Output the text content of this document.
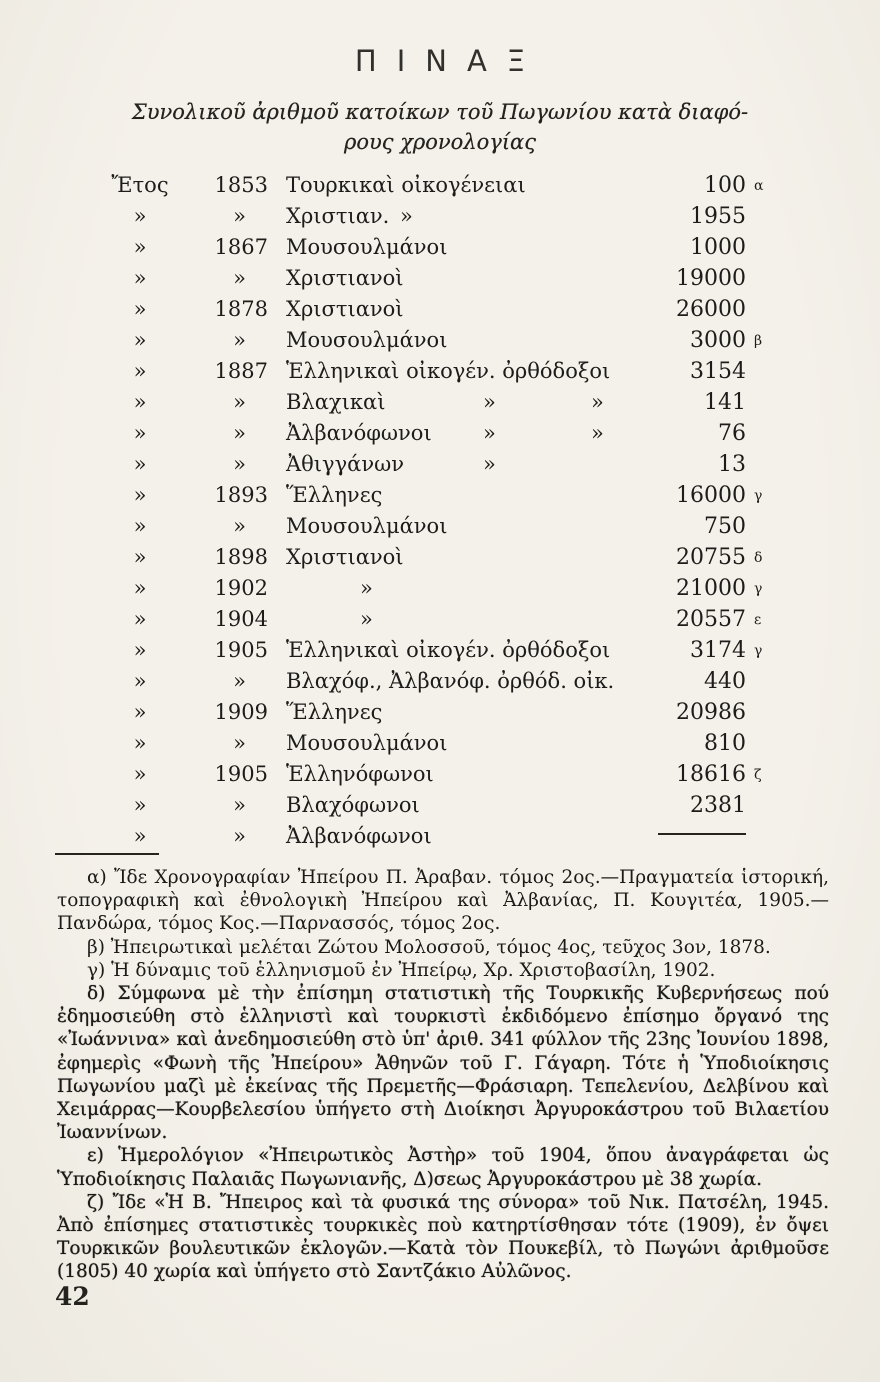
ΠΙΝΑΞ
Συνολικοῦ ἀριθμοῦ κατοίκων τοῦ Πωγωνίου κατὰ διαφό-
ρους χρονολογίας
Ἔτος	1853 Τουρκικαὶ οἰκογένειαι	100 α
»	»	Χριστιαν. »	1955
»	1867 Μουσουλμάνοι	1000
»	»	Χριστιανοὶ	19000
»	1878 Χριστιανοὶ	26000
»	»	Μουσουλμάνοι	3000 β
»	1887 Ἑλληνικαὶ οἰκογέν. ὀρθόδοξοι	3154
»	»	Βλαχικαὶ	»	»	141
»	»	Ἀλβανόφωνοι »	»	76
»	»	Ἀθιγγάνων	»	13
»	1893 Ἕλληνες	16000 γ
»	»	Μουσουλμάνοι	750
»	1898 Χριστιανοὶ	20755 δ
»	1902	»	21000 γ
»	1904	»	20557 ε
»	1905 Ἑλληνικαὶ οἰκογέν. ὀρθόδοξοι	3174 γ
»	»	Βλαχόφ., Ἀλβανόφ. ὀρθόδ. οἰκ.	440
»	1909 Ἕλληνες	20986
»	»	Μουσουλμάνοι	810
»	1905 Ἑλληνόφωνοι	18616 ζ
»	»	Βλαχόφωνοι	2381
»	»	Ἀλβανόφωνοι

α) Ἴδε Χρονογραφίαν Ἠπείρου Π. Ἀραβαν. τόμος 2ος.—Πραγματεία ἱστορική, τοπογραφικὴ καὶ ἐθνολογικὴ Ἠπείρου καὶ Ἀλβανίας, Π. Κουγιτέα, 1905.— Πανδώρα, τόμος Κος.—Παρνασσός, τόμος 2ος.

β) Ἠπειρωτικαὶ μελέται Ζώτου Μολοσσοῦ, τόμος 4ος, τεῦχος 3ον, 1878.

γ) Ἡ δύναμις τοῦ ἑλληνισμοῦ ἐν Ἠπείρῳ, Χρ. Χριστοβασίλη, 1902.

δ) Σύμφωνα μὲ τὴν ἐπίσημη στατιστικὴ τῆς Τουρκικῆς Κυβερνήσεως πού ἐδημοσιεύθη στὸ ἑλληνιστὶ καὶ τουρκιστὶ ἐκδιδόμενο ἐπίσημο ὄργανό της «Ἰωάννινα» καὶ ἀνεδημοσιεύθη στὸ ὑπ' ἀριθ. 341 φύλλον τῆς 23ης Ἰουνίου 1898, ἐφημερὶς «Φωνὴ τῆς Ἠπείρου» Ἀθηνῶν τοῦ Γ. Γάγαρη. Τότε ἡ Ὑποδιοίκησις Πωγωνίου μαζὶ μὲ ἐκείνας τῆς Πρεμετῆς—Φράσιαρη. Τεπελενίου, Δελβίνου καὶ Χειμάρρας—Κουρβελεσίου ὑπήγετο στὴ Διοίκησι Ἀργυροκάστρου τοῦ Βιλαετίου Ἰωαννίνων.

ε) Ἡμερολόγιον «Ἠπειρωτικὸς Ἀστὴρ» τοῦ 1904, ὅπου ἀναγράφεται ὡς Ὑποδιοίκησις Παλαιᾶς Πωγωνιανῆς, Δ)σεως Ἀργυροκάστρου μὲ 38 χωρία.

ζ) Ἴδε «Ἡ Β. Ἤπειρος καὶ τὰ φυσικά της σύνορα» τοῦ Νικ. Πατσέλη, 1945. Ἀπὸ ἐπίσημες στατιστικὲς τουρκικὲς ποὺ κατηρτίσθησαν τότε (1909), ἐν ὄψει Τουρκικῶν βουλευτικῶν ἐκλογῶν.—Κατὰ τὸν Πουκεβίλ, τὸ Πωγώνι ἀριθμοῦσε (1805) 40 χωρία καὶ ὑπήγετο στὸ Σαντζάκιο Αὐλῶνος.

42
